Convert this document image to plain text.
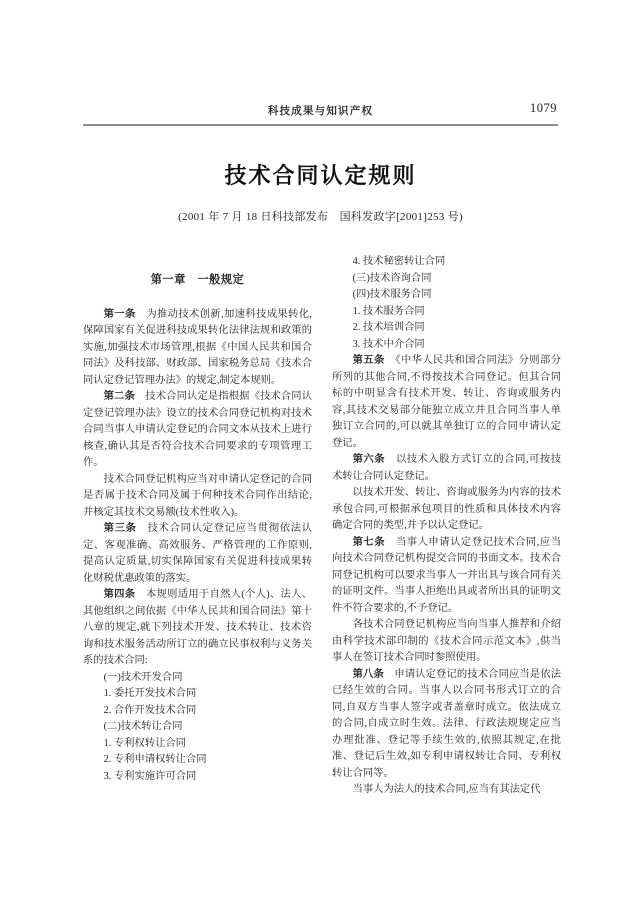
科技成果与知识产权	1079
技术合同认定规则
(2001 年 7 月 18 日科技部发布　国科发政字[2001]253 号)
第一章　一般规定

第一条　为推动技术创新,加速科技成果转化,保障国家有关促进科技成果转化法律法规和政策的实施,加强技术市场管理,根据《中国人民共和国合同法》及科技部、财政部、国家税务总局《技术合同认定登记管理办法》的规定,制定本规则。

第二条　技术合同认定是指根据《技术合同认定登记管理办法》设立的技术合同登记机构对技术合同当事人申请认定登记的合同文本从技术上进行核查,确认其是否符合技术合同要求的专项管理工作。

技术合同登记机构应当对申请认定登记的合同是否属于技术合同及属于何种技术合同作出结论,并核定其技术交易额(技术性收入)。

第三条　技术合同认定登记应当贯彻依法认定、客观准确、高效服务、严格管理的工作原则,提高认定质量,切实保障国家有关促进科技成果转化财税优惠政策的落实。

第四条　本规则适用于自然人(个人)、法人、其他组织之间依据《中华人民共和国合同法》第十八章的规定,就下列技术开发、技术转让、技术咨询和技术服务活动所订立的确立民事权利与义务关系的技术合同:

(一)技术开发合同

1. 委托开发技术合同

2. 合作开发技术合同

(二)技术转让合同

1. 专利权转让合同

2. 专利申请权转让合同

3. 专利实施许可合同

4. 技术秘密转让合同

(三)技术咨询合同

(四)技术服务合同

1. 技术服务合同

2. 技术培训合同

3. 技术中介合同

第五条　《中华人民共和国合同法》分则部分所列的其他合同,不得按技术合同登记。但其合同标的中明显含有技术开发、转让、咨询或服务内容,其技术交易部分能独立成立并且合同当事人单独订立合同的,可以就其单独订立的合同申请认定登记。

第六条　以技术入股方式订立的合同,可按技术转让合同认定登记。

以技术开发、转让、咨询或服务为内容的技术承包合同,可根据承包项目的性质和具体技术内容确定合同的类型,并予以认定登记。

第七条　当事人申请认定登记技术合同,应当向技术合同登记机构提交合同的书面文本。技术合同登记机构可以要求当事人一并出具与该合同有关的证明文件。当事人拒绝出具或者所出具的证明文件不符合要求的,不予登记。

各技术合同登记机构应当向当事人推荐和介绍由科学技术部印制的《技术合同示范文本》,供当事人在签订技术合同时参照使用。

第八条　申请认定登记的技术合同应当是依法已经生效的合同。当事人以合同书形式订立的合同,自双方当事人签字或者盖章时成立。依法成立的合同,自成立时生效。法律、行政法规规定应当办理批准、登记等手续生效的,依照其规定,在批准、登记后生效,如专利申请权转让合同、专利权转让合同等。

当事人为法人的技术合同,应当有其法定代
